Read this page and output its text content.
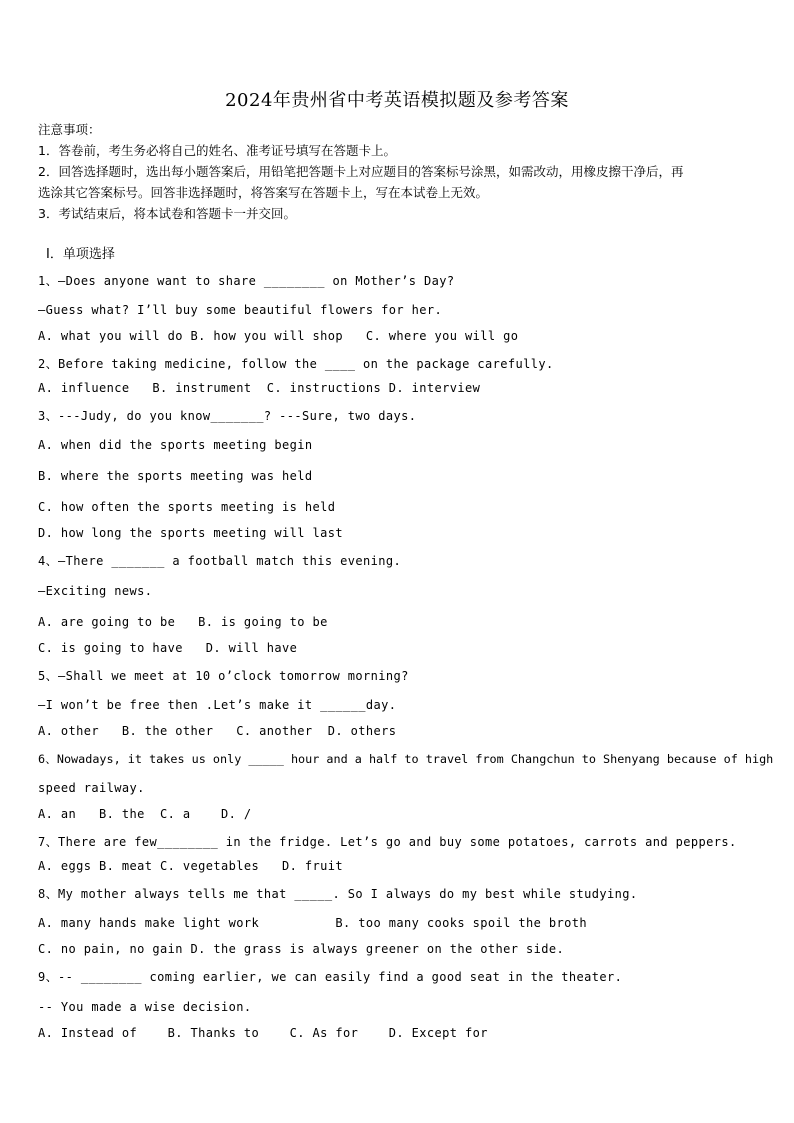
2024年贵州省中考英语模拟题及参考答案
注意事项：
1．答卷前，考生务必将自己的姓名、准考证号填写在答题卡上。
2．回答选择题时，选出每小题答案后，用铅笔把答题卡上对应题目的答案标号涂黑，如需改动，用橡皮擦干净后，再
选涂其它答案标号。回答非选择题时，将答案写在答题卡上，写在本试卷上无效。
3．考试结束后，将本试卷和答题卡一并交回。
Ⅰ．单项选择
1、—Does anyone want to share ________ on Mother’s Day?
—Guess what? I’ll buy some beautiful flowers for her.
A. what you will do B. how you will shop   C. where you will go
2、Before taking medicine, follow the ____ on the package carefully.
A. influence   B. instrument  C. instructions D. interview
3、---Judy, do you know_______? ---Sure, two days.
A. when did the sports meeting begin
B. where the sports meeting was held
C. how often the sports meeting is held
D. how long the sports meeting will last
4、—There _______ a football match this evening.
—Exciting news.
A. are going to be   B. is going to be
C. is going to have   D. will have
5、—Shall we meet at 10 o’clock tomorrow morning?
—I won’t be free then .Let’s make it ______day.
A. other   B. the other   C. another  D. others
6、Nowadays, it takes us only _____ hour and a half to travel from Changchun to Shenyang because of high
speed railway.
A. an   B. the  C. a    D. /
7、There are few________ in the fridge. Let’s go and buy some potatoes, carrots and peppers.
A. eggs B. meat C. vegetables   D. fruit
8、My mother always tells me that _____. So I always do my best while studying.
A. many hands make light work          B. too many cooks spoil the broth
C. no pain, no gain D. the grass is always greener on the other side.
9、-- ________ coming earlier, we can easily find a good seat in the theater.
-- You made a wise decision.
A. Instead of    B. Thanks to    C. As for    D. Except for
